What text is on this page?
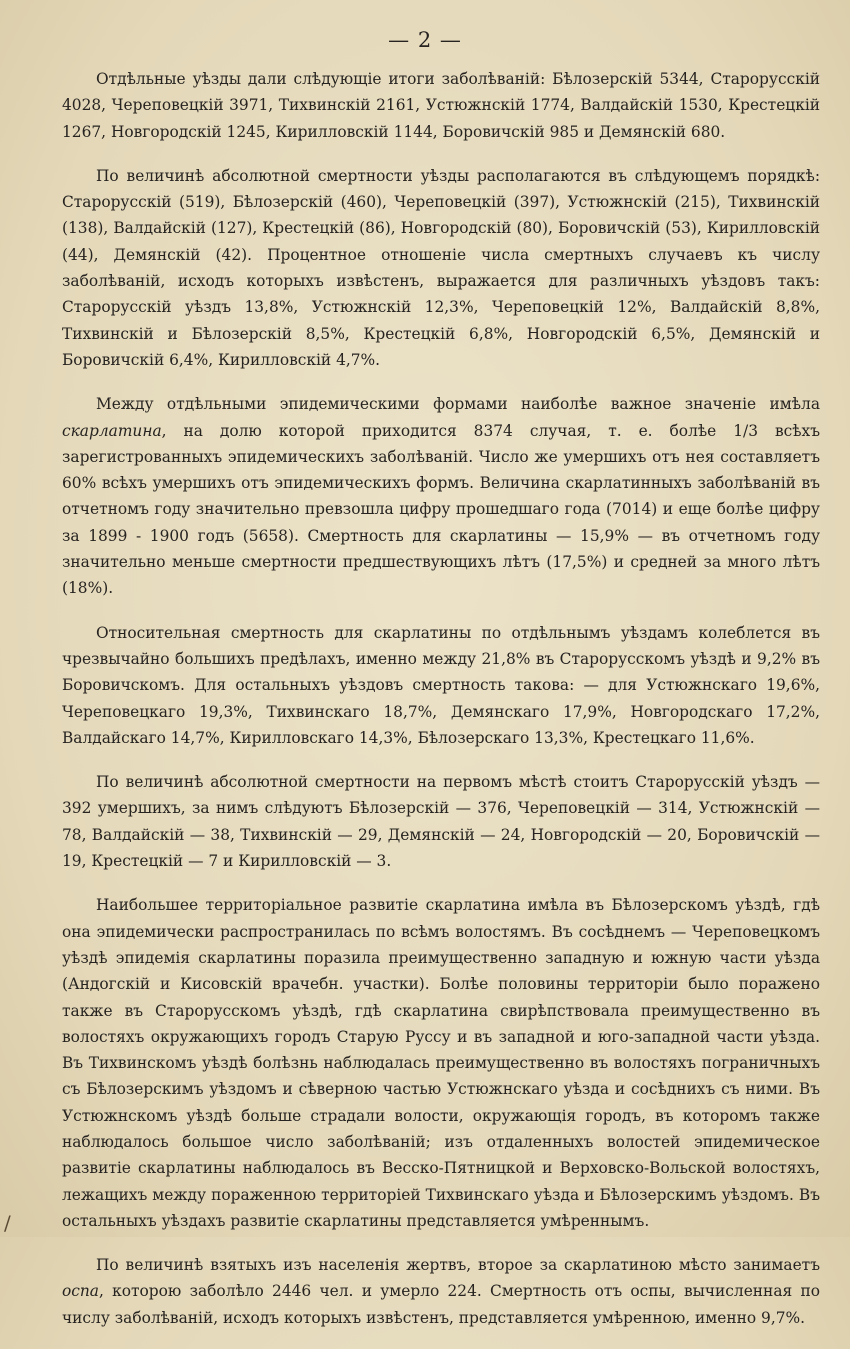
— 2 —

Отдѣльные уѣзды дали слѣдующіе итоги заболѣваній: Бѣлозерскій 5344, Старорусскій 4028, Череповецкій 3971, Тихвинскій 2161, Устюжнскій 1774, Валдайскій 1530, Крестецкій 1267, Новгородскій 1245, Кирилловскій 1144, Боровичскій 985 и Демянскій 680.

По величинѣ абсолютной смертности уѣзды располагаются въ слѣдующемъ порядкѣ: Старорусскій (519), Бѣлозерскій (460), Череповецкій (397), Устюжнскій (215), Тихвинскій (138), Валдайскій (127), Крестецкій (86), Новгородскій (80), Боровичскій (53), Кирилловскій (44), Демянскій (42). Процентное отношеніе числа смертныхъ случаевъ къ числу заболѣваній, исходъ которыхъ извѣстенъ, выражается для различныхъ уѣздовъ такъ: Старорусскій уѣздъ 13,8%, Устюжнскій 12,3%, Череповецкій 12%, Валдайскій 8,8%, Тихвинскій и Бѣлозерскій 8,5%, Крестецкій 6,8%, Новгородскій 6,5%, Демянскій и Боровичскій 6,4%, Кирилловскій 4,7%.

Между отдѣльными эпидемическими формами наиболѣе важное значеніе имѣла скарлатина, на долю которой приходится 8374 случая, т. е. болѣе 1/3 всѣхъ зарегистрованныхъ эпидемическихъ заболѣваній. Число же умершихъ отъ нея составляетъ 60% всѣхъ умершихъ отъ эпидемическихъ формъ. Величина скарлатинныхъ заболѣваній въ отчетномъ году значительно превзошла цифру прошедшаго года (7014) и еще болѣе цифру за 1899 - 1900 годъ (5658). Смертность для скарлатины — 15,9% — въ отчетномъ году значительно меньше смертности предшествующихъ лѣтъ (17,5%) и средней за много лѣтъ (18%).

Относительная смертность для скарлатины по отдѣльнымъ уѣздамъ колеблется въ чрезвычайно большихъ предѣлахъ, именно между 21,8% въ Старорусскомъ уѣздѣ и 9,2% въ Боровичскомъ. Для остальныхъ уѣздовъ смертность такова: — для Устюжнскаго 19,6%, Череповецкаго 19,3%, Тихвинскаго 18,7%, Демянскаго 17,9%, Новгородскаго 17,2%, Валдайскаго 14,7%, Кирилловскаго 14,3%, Бѣлозерскаго 13,3%, Крестецкаго 11,6%.

По величинѣ абсолютной смертности на первомъ мѣстѣ стоитъ Старорусскій уѣздъ — 392 умершихъ, за нимъ слѣдуютъ Бѣлозерскій — 376, Череповецкій — 314, Устюжнскій — 78, Валдайскій — 38, Тихвинскій — 29, Демянскій — 24, Новгородскій — 20, Боровичскій — 19, Крестецкій — 7 и Кирилловскій — 3.

Наибольшее территоріальное развитіе скарлатина имѣла въ Бѣлозерскомъ уѣздѣ, гдѣ она эпидемически распространилась по всѣмъ волостямъ. Въ сосѣднемъ — Череповецкомъ уѣздѣ эпидемія скарлатины поразила преимущественно западную и южную части уѣзда (Андогскій и Кисовскій врачебн. участки). Болѣе половины территоріи было поражено также въ Старорусскомъ уѣздѣ, гдѣ скарлатина свирѣпствовала преимущественно въ волостяхъ окружающихъ городъ Старую Руссу и въ западной и юго-западной части уѣзда. Въ Тихвинскомъ уѣздѣ болѣзнь наблюдалась преимущественно въ волостяхъ пограничныхъ съ Бѣлозерскимъ уѣздомъ и сѣверною частью Устюжнскаго уѣзда и сосѣднихъ съ ними. Въ Устюжнскомъ уѣздѣ больше страдали волости, окружающія городъ, въ которомъ также наблюдалось большое число заболѣваній; изъ отдаленныхъ волостей эпидемическое развитіе скарлатины наблюдалось въ Весско-Пятницкой и Верховско-Вольской волостяхъ, лежащихъ между пораженною территоріей Тихвинскаго уѣзда и Бѣлозерскимъ уѣздомъ. Въ остальныхъ уѣздахъ развитіе скарлатины представляется умѣреннымъ.

По величинѣ взятыхъ изъ населенія жертвъ, второе за скарлатиною мѣсто занимаетъ оспа, которою заболѣло 2446 чел. и умерло 224. Смертность отъ оспы, вычисленная по числу заболѣваній, исходъ которыхъ извѣстенъ, представляется умѣренною, именно 9,7%.

/
